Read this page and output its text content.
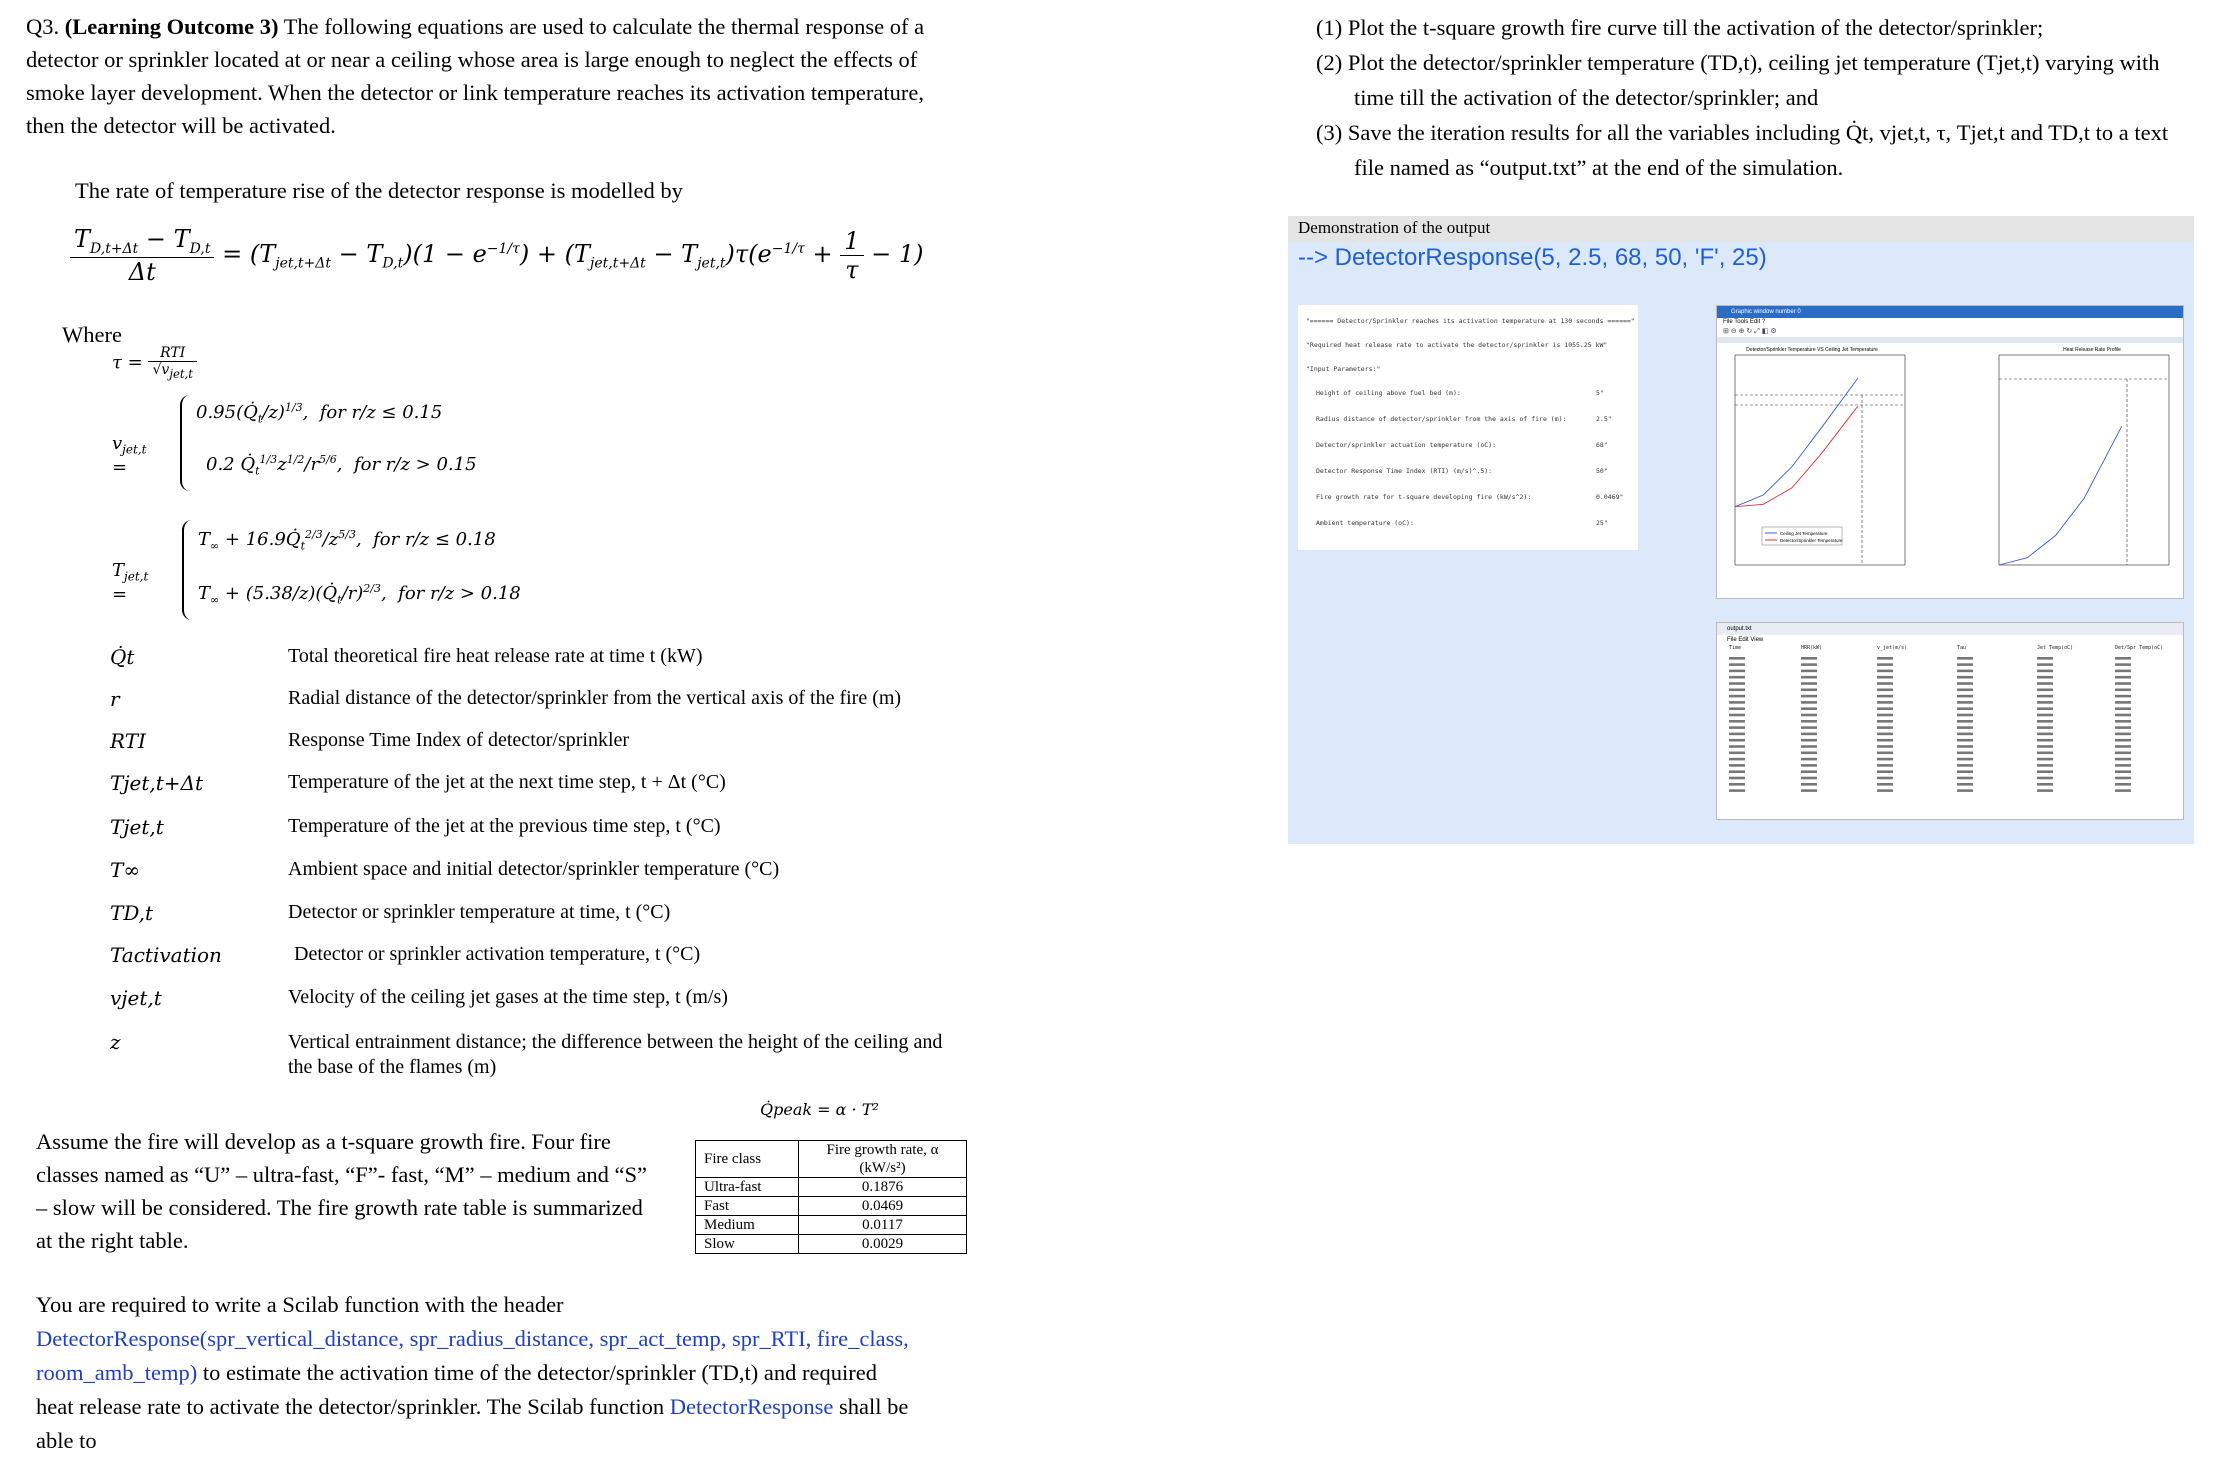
Q3. (Learning Outcome 3) The following equations are used to calculate the thermal response of a detector or sprinkler located at or near a ceiling whose area is large enough to neglect the effects of smoke layer development. When the detector or link temperature reaches its activation temperature, then the detector will be activated.
The rate of temperature rise of the detector response is modelled by
$\frac{T_{D,t+\Delta t} - T_{D,t}}{\Delta t} = (T_{jet,t+\Delta t} - T_{D,t})(1 - e^{-1/\tau}) + (T_{jet,t+\Delta t} - T_{jet,t})\tau(e^{-1/\tau} + \frac{1}{\tau} - 1)$
Where
$\tau = \frac{\text{RTI}}{√v_{jet,t}}$
$v_{jet,t}$ =
$0.95(Q̇_t/z)^{1/3}$,  for r/z ≤ 0.15
0.2 $Q̇_t^{1/3}z^{1/2}/r^{5/6}$,  for r/z > 0.15
$T_{jet,t}$ =
$T_\infty$ + $16.9Q̇_t^{2/3}/z^{5/3}$,  for r/z ≤ 0.18
$T_\infty$ + $(5.38/z)(Q̇_t/r)^{2/3}$,  for r/z > 0.18
Q̇t	Total theoretical fire heat release rate at time t (kW)
r	Radial distance of the detector/sprinkler from the vertical axis of the fire (m)
RTI	Response Time Index of detector/sprinkler
Tjet,t+Δt	Temperature of the jet at the next time step, t + Δt (°C)
Tjet,t	Temperature of the jet at the previous time step, t (°C)
T∞	Ambient space and initial detector/sprinkler temperature (°C)
TD,t	Detector or sprinkler temperature at time, t (°C)
Tactivation	Detector or sprinkler activation temperature, t (°C)
vjet,t	Velocity of the ceiling jet gases at the time step, t (m/s)
z	Vertical entrainment distance; the difference between the height of the ceiling and the base of the flames (m)
Q̇peak = α · T²
Assume the fire will develop as a t-square growth fire. Four fire classes named as “U” – ultra-fast, “F”- fast, “M” – medium and “S” – slow will be considered. The fire growth rate table is summarized at the right table.
Fire class	Fire growth rate, α (kW/s²)
Ultra-fast	0.1876
Fast	0.0469
Medium	0.0117
Slow	0.0029
You are required to write a Scilab function with the header DetectorResponse(spr_vertical_distance, spr_radius_distance, spr_act_temp, spr_RTI, fire_class, room_amb_temp) to estimate the activation time of the detector/sprinkler (TD,t) and required heat release rate to activate the detector/sprinkler. The Scilab function DetectorResponse shall be able to
(1) Plot the t-square growth fire curve till the activation of the detector/sprinkler;
(2) Plot the detector/sprinkler temperature (TD,t), ceiling jet temperature (Tjet,t) varying with time till the activation of the detector/sprinkler; and
(3) Save the iteration results for all the variables including Q̇t, vjet,t, τ, Tjet,t and TD,t to a text file named as “output.txt” at the end of the simulation.
Demonstration of the output
--> DetectorResponse(5, 2.5, 68, 50, 'F', 25)
"====== Detector/Sprinkler reaches its activation temperature at 130 seconds ======"
"Required heat release rate to activate the detector/sprinkler is 1055.25 kW"
"Input Parameters:"
Height of ceiling above fuel bed (m):	5"
Radius distance of detector/sprinkler from the axis of fire (m):	2.5"
Detector/sprinkler actuation temperature (oC):	68"
Detector Response Time Index (RTI) (m/s)^.5):	50"
Fire growth rate for t-square developing fire (kW/s^2):	0.0469"
Ambient temperature (oC):	25"
Graphic window number 0
File Tools Edit ?
⊞ ⊖ ⊕ ↻ ⤢ ◧ ⚙
Detector/Sprinkler Temperature VS Ceiling Jet Temperature
Ceiling Jet Temperature
Detector/Sprinkler Temperature
Heat Release Rate Profile
output.txt
File Edit View
Time	HRR(kW)	v_jet(m/s)	Tau	Jet Temp(oC)	Det/Spr Temp(oC)
